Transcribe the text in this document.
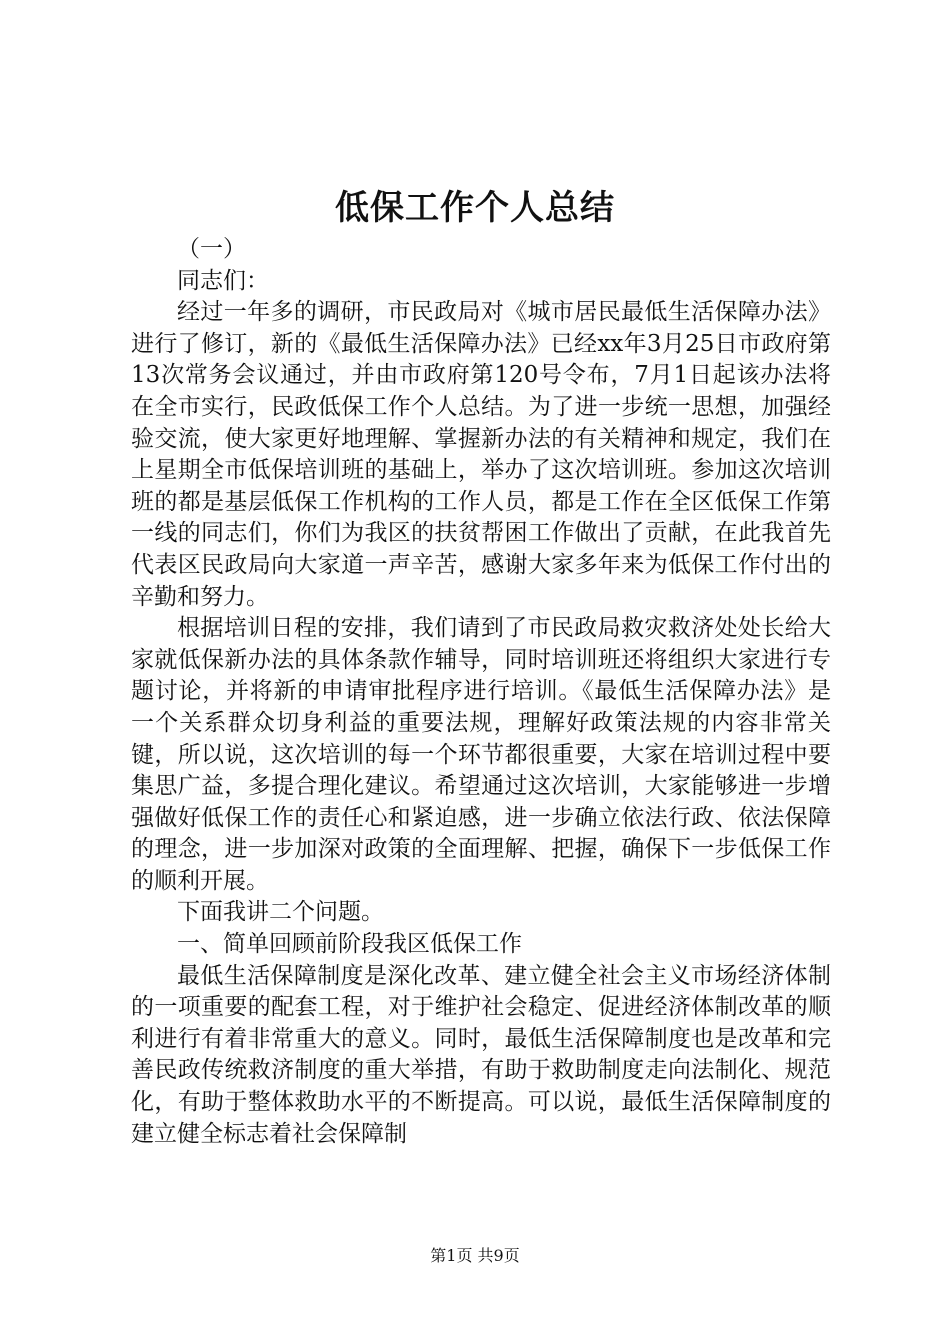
低保工作个人总结

（一）

同志们：

经过一年多的调研，市民政局对《城市居民最低生活保障办法》进行了修订，新的《最低生活保障办法》已经xx年3月25日市政府第13次常务会议通过，并由市政府第120号令布，7月1日起该办法将在全市实行，民政低保工作个人总结。为了进一步统一思想，加强经验交流，使大家更好地理解、掌握新办法的有关精神和规定，我们在上星期全市低保培训班的基础上，举办了这次培训班。参加这次培训班的都是基层低保工作机构的工作人员，都是工作在全区低保工作第一线的同志们，你们为我区的扶贫帮困工作做出了贡献，在此我首先代表区民政局向大家道一声辛苦，感谢大家多年来为低保工作付出的辛勤和努力。

根据培训日程的安排，我们请到了市民政局救灾救济处处长给大家就低保新办法的具体条款作辅导，同时培训班还将组织大家进行专题讨论，并将新的申请审批程序进行培训。《最低生活保障办法》是一个关系群众切身利益的重要法规，理解好政策法规的内容非常关键，所以说，这次培训的每一个环节都很重要，大家在培训过程中要集思广益，多提合理化建议。希望通过这次培训，大家能够进一步增强做好低保工作的责任心和紧迫感，进一步确立依法行政、依法保障的理念，进一步加深对政策的全面理解、把握，确保下一步低保工作的顺利开展。

下面我讲二个问题。

一、简单回顾前阶段我区低保工作

最低生活保障制度是深化改革、建立健全社会主义市场经济体制的一项重要的配套工程，对于维护社会稳定、促进经济体制改革的顺利进行有着非常重大的意义。同时，最低生活保障制度也是改革和完善民政传统救济制度的重大举措，有助于救助制度走向法制化、规范化，有助于整体救助水平的不断提高。可以说，最低生活保障制度的建立健全标志着社会保障制

第1页 共9页
